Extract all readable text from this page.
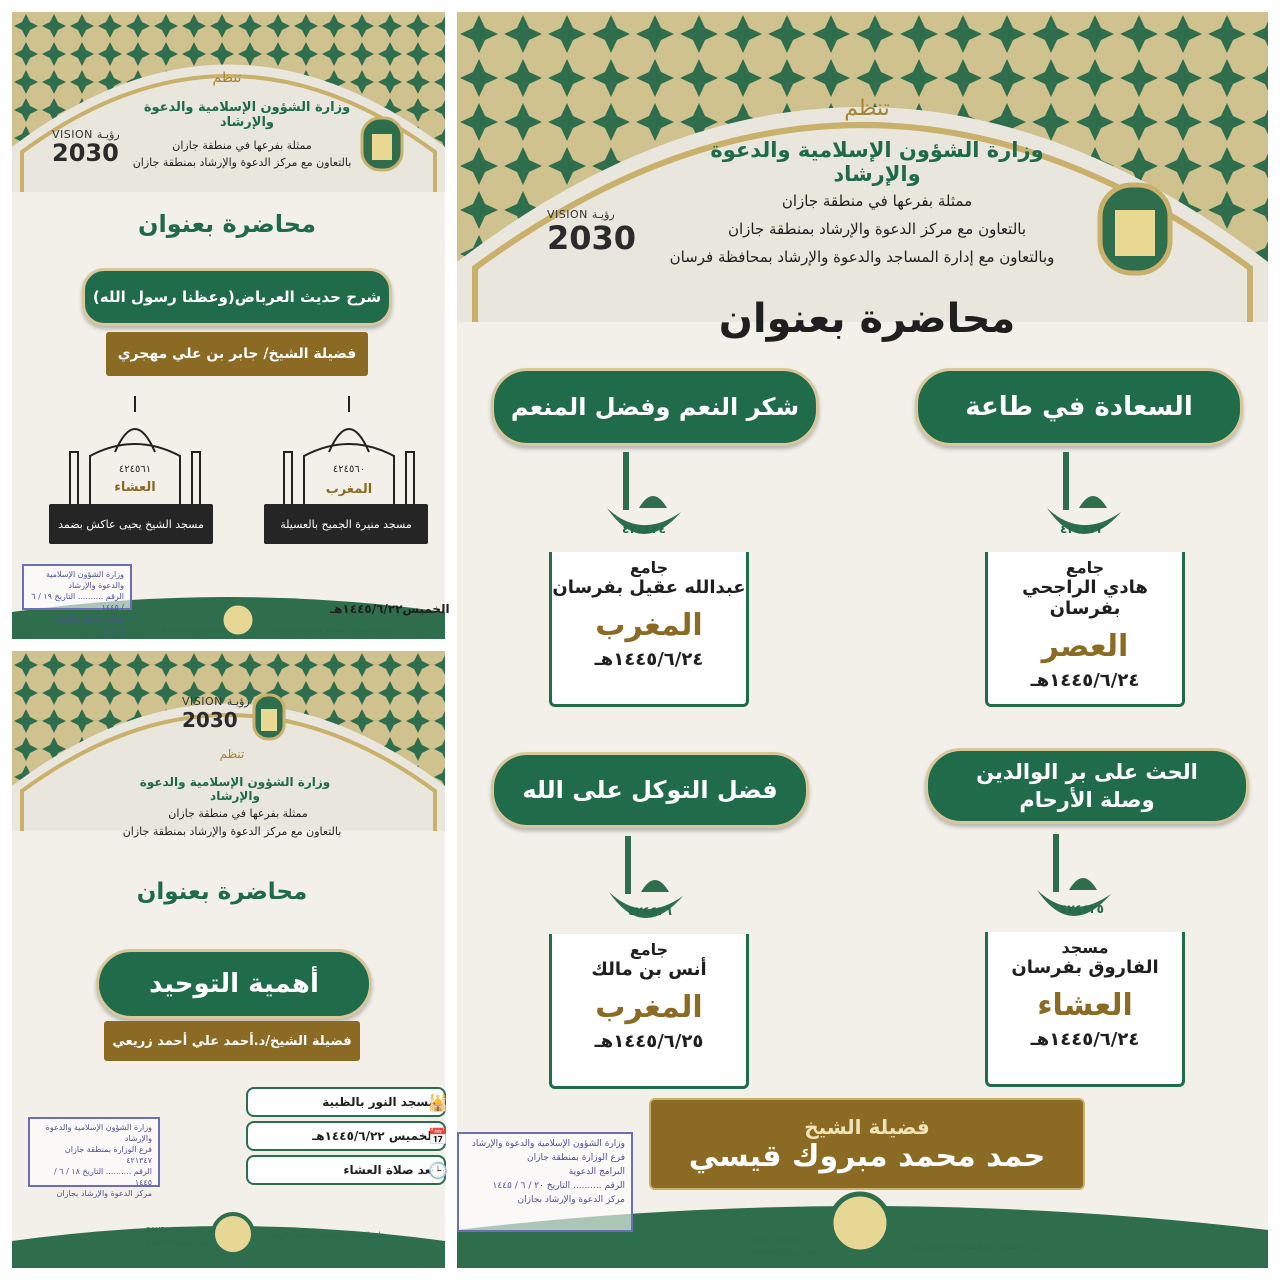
تنظم
وزارة الشؤون الإسلامية والدعوة والإرشاد
ممثلة بفرعها في منطقة جازان
بالتعاون مع مركز الدعوة والإرشاد بمنطقة جازان
VISION رؤيـة
2030
محاضرة بعنوان
شرح حديث العرباض(وعظنا رسول الله)
فضيلة الشيخ/ جابر بن علي مهجري
٤٢٤٥٦٠
المغرب
٤٢٤٥٦١
العشاء
مسجد منيرة الجميح بالعسيلة
مسجد الشيخ يحيى عاكش بضمد
وزارة الشؤون الإسلامية والدعوة والإرشاد
الرقم .......... التاريخ ١٩ / ٦ / ١٤٤٥
مركز الدعوة والإرشاد بجازان
الخميس١٤٤٥/٦/٢٢هـ
www.moia.gov.sa	وزارة الشؤون الإسلامية والدعوة والإرشاد
VISION رؤيـة
2030
تنظم
وزارة الشؤون الإسلامية والدعوة والإرشاد
ممثلة بفرعها في منطقة جازان
بالتعاون مع مركز الدعوة والإرشاد بمنطقة جازان
محاضرة بعنوان
أهمية التوحيد
فضيلة الشيخ/د.أحمد علي أحمد زريعي
مسجد النور بالظبية
🕌
الخميس ١٤٤٥/٦/٢٢هـ
📅
بعد صلاة العشاء
🕒
وزارة الشؤون الإسلامية والدعوة والإرشاد
فرع الوزارة بمنطقة جازان
٤٢١٣٤٧
الرقم .......... التاريخ ١٨ / ٦ / ١٤٤٥
مركز الدعوة والإرشاد بجازان
SAUDI_MOIA
www.moia.gov.sa
وزارة الشؤون الإسلامية والدعوة والإرشاد
تنظم
وزارة الشؤون الإسلامية والدعوة والإرشاد
ممثلة بفرعها في منطقة جازان
بالتعاون مع مركز الدعوة والإرشاد بمنطقة جازان
وبالتعاون مع إدارة المساجد والدعوة والإرشاد بمحافظة فرسان
VISION رؤيـة
2030
محاضرة بعنوان
السعادة في طاعة
٤٢٤٤٢٣
جامع
هادي الراجحي بفرسان
العصر
١٤٤٥/٦/٢٤هـ
شكر النعم وفضل المنعم
٤٢٤٤٢٤
جامع
عبدالله عقيل بفرسان
المغرب
١٤٤٥/٦/٢٤هـ
الحث على بر الوالدين وصلة الأرحام
٤٢٤٤٢٥
مسجد
الفاروق بفرسان
العشاء
١٤٤٥/٦/٢٤هـ
فضل التوكل على الله
٤٢٤٤٢٦
جامع
أنس بن مالك
المغرب
١٤٤٥/٦/٢٥هـ
فضيلة الشيخ
حمد محمد مبروك قيسي
وزارة الشؤون الإسلامية والدعوة والإرشاد
فرع الوزارة بمنطقة جازان
البرامج الدعوية
الرقم .......... التاريخ ٢٠ / ٦ / ١٤٤٥
مركز الدعوة والإرشاد بجازان
SAUDI_MOIA
www.moia.gov.sa
وزارة الشؤون الإسلامية والدعوة والإرشاد
